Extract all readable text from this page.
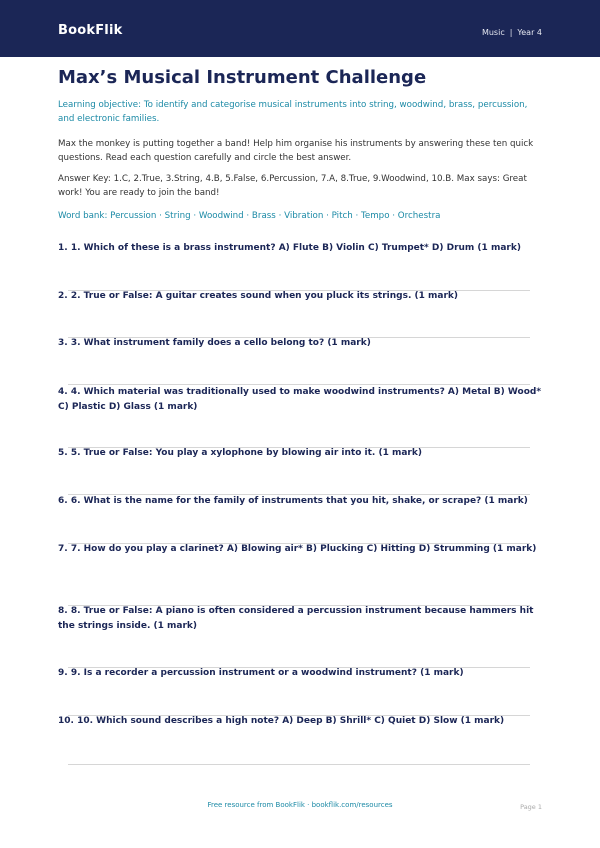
BookFlik	Music | Year 4
Max’s Musical Instrument Challenge
Learning objective: To identify and categorise musical instruments into string, woodwind, brass, percussion, and electronic families.
Max the monkey is putting together a band! Help him organise his instruments by answering these ten quick questions. Read each question carefully and circle the best answer.
Answer Key: 1.C, 2.True, 3.String, 4.B, 5.False, 6.Percussion, 7.A, 8.True, 9.Woodwind, 10.B. Max says: Great work! You are ready to join the band!
Word bank: Percussion · String · Woodwind · Brass · Vibration · Pitch · Tempo · Orchestra
1. 1. Which of these is a brass instrument? A) Flute B) Violin C) Trumpet* D) Drum (1 mark)
2. 2. True or False: A guitar creates sound when you pluck its strings. (1 mark)
3. 3. What instrument family does a cello belong to? (1 mark)
4. 4. Which material was traditionally used to make woodwind instruments? A) Metal B) Wood* C) Plastic D) Glass (1 mark)
5. 5. True or False: You play a xylophone by blowing air into it. (1 mark)
6. 6. What is the name for the family of instruments that you hit, shake, or scrape? (1 mark)
7. 7. How do you play a clarinet? A) Blowing air* B) Plucking C) Hitting D) Strumming (1 mark)
8. 8. True or False: A piano is often considered a percussion instrument because hammers hit the strings inside. (1 mark)
9. 9. Is a recorder a percussion instrument or a woodwind instrument? (1 mark)
10. 10. Which sound describes a high note? A) Deep B) Shrill* C) Quiet D) Slow (1 mark)
Free resource from BookFlik · bookflik.com/resources	Page 1
